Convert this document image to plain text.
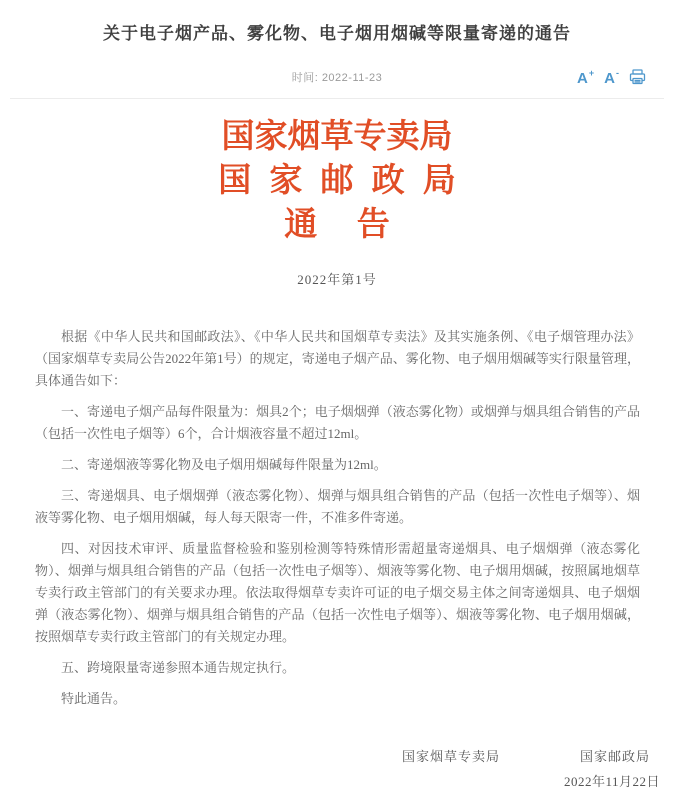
关于电子烟产品、雾化物、电子烟用烟碱等限量寄递的通告
时间: 2022-11-23	A+ A-
国家烟草专卖局
国家邮政局
通告
2022年第1号

根据《中华人民共和国邮政法》、《中华人民共和国烟草专卖法》及其实施条例、《电子烟管理办法》（国家烟草专卖局公告2022年第1号）的规定，寄递电子烟产品、雾化物、电子烟用烟碱等实行限量管理，具体通告如下：

一、寄递电子烟产品每件限量为：烟具2个；电子烟烟弹（液态雾化物）或烟弹与烟具组合销售的产品（包括一次性电子烟等）6个，合计烟液容量不超过12ml。

二、寄递烟液等雾化物及电子烟用烟碱每件限量为12ml。

三、寄递烟具、电子烟烟弹（液态雾化物）、烟弹与烟具组合销售的产品（包括一次性电子烟等）、烟液等雾化物、电子烟用烟碱，每人每天限寄一件，不准多件寄递。

四、对因技术审评、质量监督检验和鉴别检测等特殊情形需超量寄递烟具、电子烟烟弹（液态雾化物）、烟弹与烟具组合销售的产品（包括一次性电子烟等）、烟液等雾化物、电子烟用烟碱，按照属地烟草专卖行政主管部门的有关要求办理。依法取得烟草专卖许可证的电子烟交易主体之间寄递烟具、电子烟烟弹（液态雾化物）、烟弹与烟具组合销售的产品（包括一次性电子烟等）、烟液等雾化物、电子烟用烟碱，按照烟草专卖行政主管部门的有关规定办理。

五、跨境限量寄递参照本通告规定执行。

特此通告。

国家烟草专卖局	国家邮政局
2022年11月22日
